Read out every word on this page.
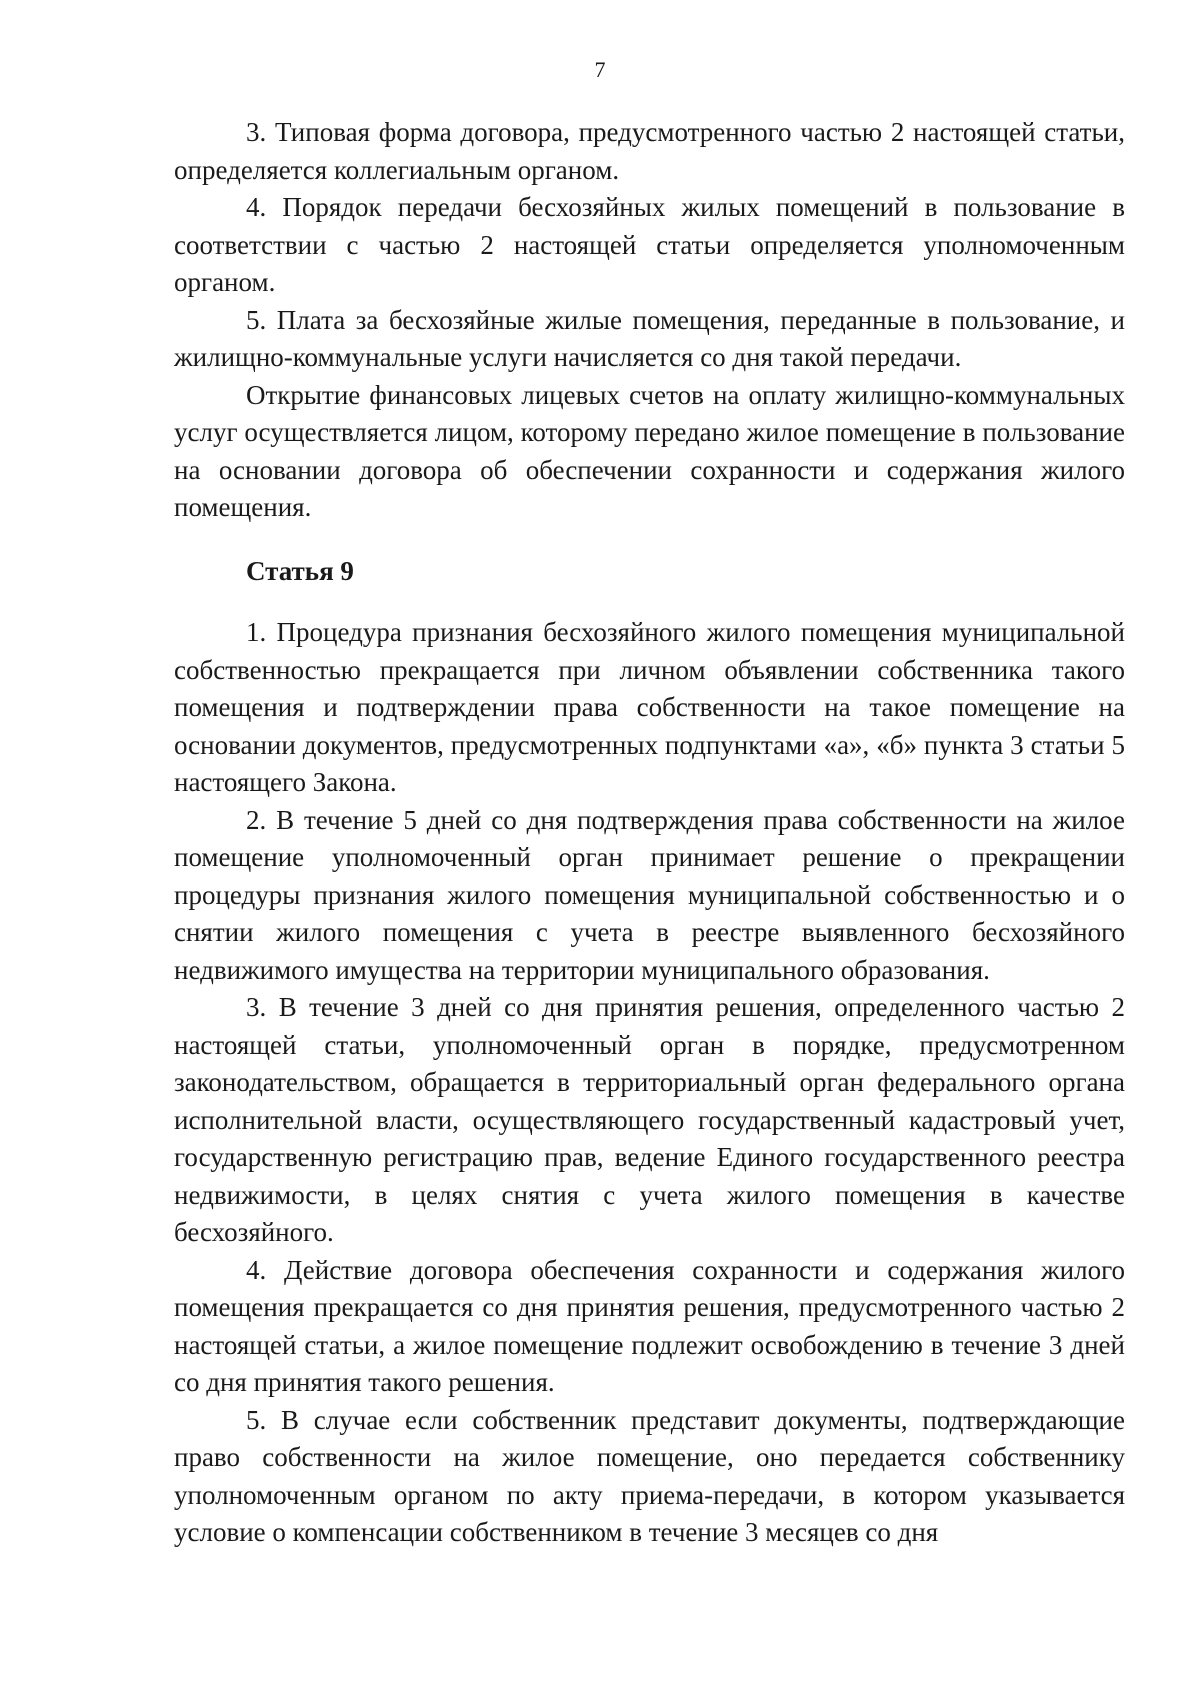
7

3. Типовая форма договора, предусмотренного частью 2 настоящей статьи, определяется коллегиальным органом.

4. Порядок передачи бесхозяйных жилых помещений в пользование в соответствии с частью 2 настоящей статьи определяется уполномоченным органом.

5. Плата за бесхозяйные жилые помещения, переданные в пользование, и жилищно-коммунальные услуги начисляется со дня такой передачи.

Открытие финансовых лицевых счетов на оплату жилищно-коммунальных услуг осуществляется лицом, которому передано жилое помещение в пользование на основании договора об обеспечении сохранности и содержания жилого помещения.

Статья 9

1. Процедура признания бесхозяйного жилого помещения муниципальной собственностью прекращается при личном объявлении собственника такого помещения и подтверждении права собственности на такое помещение на основании документов, предусмотренных подпунктами «а», «б» пункта 3 статьи 5 настоящего Закона.

2. В течение 5 дней со дня подтверждения права собственности на жилое помещение уполномоченный орган принимает решение о прекращении процедуры признания жилого помещения муниципальной собственностью и о снятии жилого помещения с учета в реестре выявленного бесхозяйного недвижимого имущества на территории муниципального образования.

3. В течение 3 дней со дня принятия решения, определенного частью 2 настоящей статьи, уполномоченный орган в порядке, предусмотренном законодательством, обращается в территориальный орган федерального органа исполнительной власти, осуществляющего государственный кадастровый учет, государственную регистрацию прав, ведение Единого государственного реестра недвижимости, в целях снятия с учета жилого помещения в качестве бесхозяйного.

4. Действие договора обеспечения сохранности и содержания жилого помещения прекращается со дня принятия решения, предусмотренного частью 2 настоящей статьи, а жилое помещение подлежит освобождению в течение 3 дней со дня принятия такого решения.

5. В случае если собственник представит документы, подтверждающие право собственности на жилое помещение, оно передается собственнику уполномоченным органом по акту приема-передачи, в котором указывается условие о компенсации собственником в течение 3 месяцев со дня
